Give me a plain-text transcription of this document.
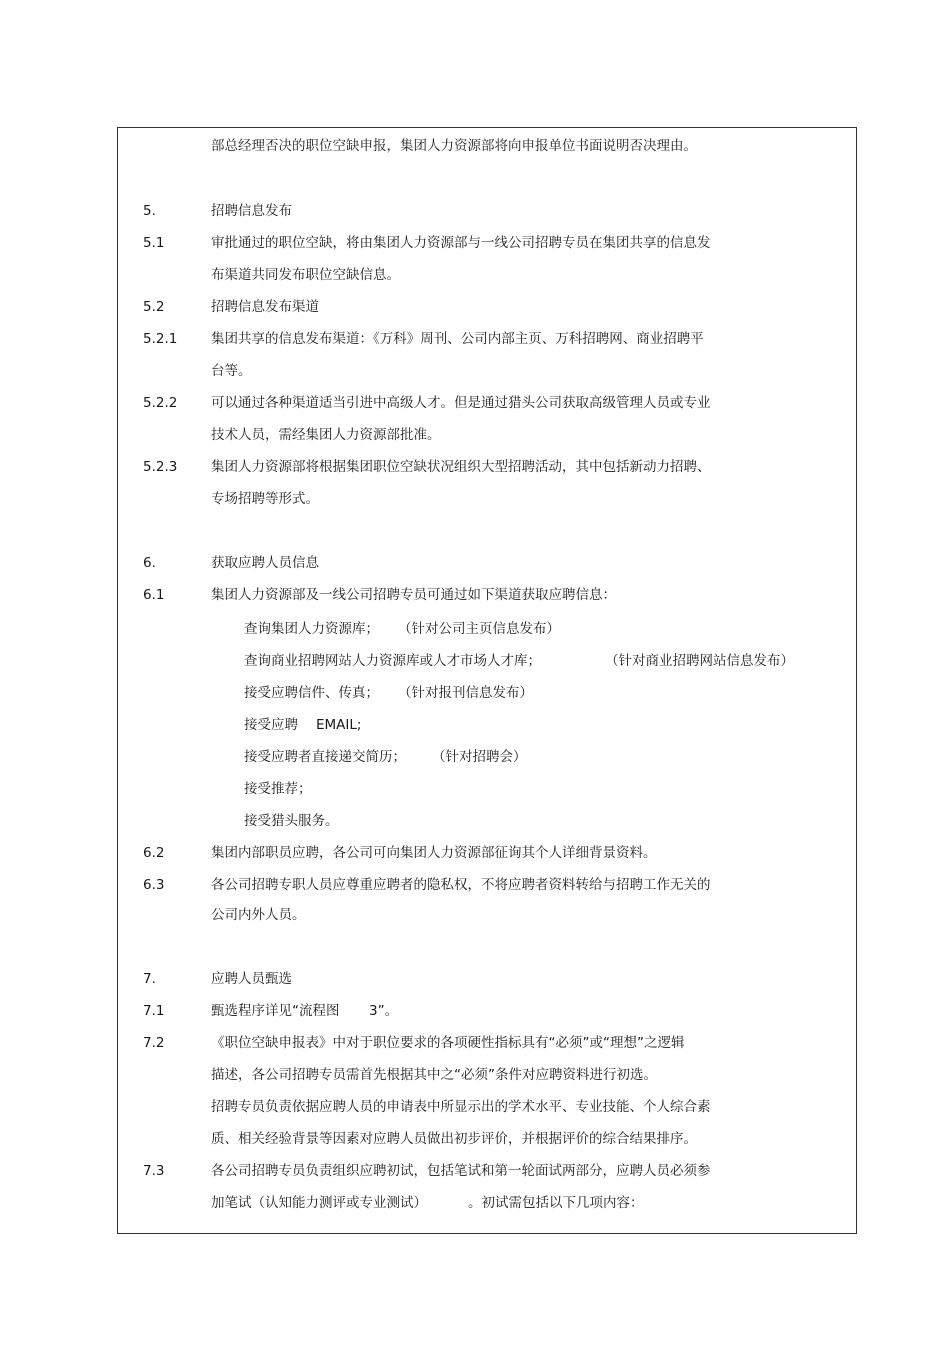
部总经理否决的职位空缺申报，集团人力资源部将向申报单位书面说明否决理由。
5.	招聘信息发布
5.1	审批通过的职位空缺，将由集团人力资源部与一线公司招聘专员在集团共享的信息发
布渠道共同发布职位空缺信息。
5.2	招聘信息发布渠道
5.2.1 集团共享的信息发布渠道：《万科》周刊、公司内部主页、万科招聘网、商业招聘平
台等。
5.2.2 可以通过各种渠道适当引进中高级人才。但是通过猎头公司获取高级管理人员或专业
技术人员，需经集团人力资源部批准。
5.2.3 集团人力资源部将根据集团职位空缺状况组织大型招聘活动，其中包括新动力招聘、
专场招聘等形式。
6.	获取应聘人员信息
6.1	集团人力资源部及一线公司招聘专员可通过如下渠道获取应聘信息：
查询集团人力资源库； （针对公司主页信息发布）
查询商业招聘网站人力资源库或人才市场人才库；	（针对商业招聘网站信息发布）
接受应聘信件、传真； （针对报刊信息发布）
接受应聘 EMAIL;
接受应聘者直接递交简历； （针对招聘会）
接受推荐；
接受猎头服务。
6.2	集团内部职员应聘，各公司可向集团人力资源部征询其个人详细背景资料。
6.3	各公司招聘专职人员应尊重应聘者的隐私权，不将应聘者资料转给与招聘工作无关的
公司内外人员。
7.	应聘人员甄选
7.1	甄选程序详见“流程图 3”。
7.2	《职位空缺申报表》中对于职位要求的各项硬性指标具有“必须”或“理想”之逻辑
描述，各公司招聘专员需首先根据其中之“必须”条件对应聘资料进行初选。
招聘专员负责依据应聘人员的申请表中所显示出的学术水平、专业技能、个人综合素
质、相关经验背景等因素对应聘人员做出初步评价，并根据评价的综合结果排序。
7.3	各公司招聘专员负责组织应聘初试，包括笔试和第一轮面试两部分，应聘人员必须参
加笔试（认知能力测评或专业测试）	。初试需包括以下几项内容：
